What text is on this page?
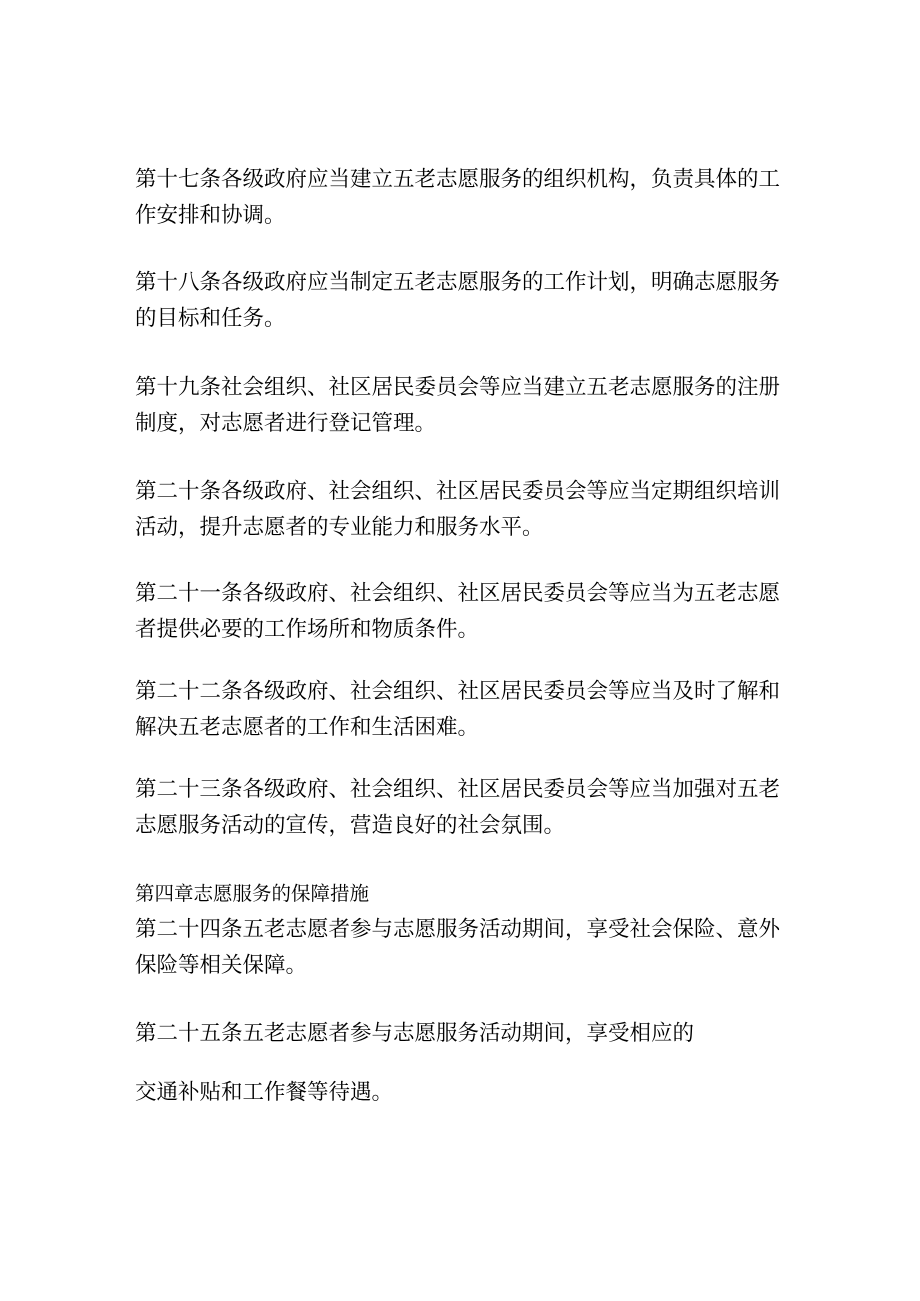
第十七条各级政府应当建立五老志愿服务的组织机构，负责具体的工
作安排和协调。

第十八条各级政府应当制定五老志愿服务的工作计划，明确志愿服务
的目标和任务。

第十九条社会组织、社区居民委员会等应当建立五老志愿服务的注册
制度，对志愿者进行登记管理。

第二十条各级政府、社会组织、社区居民委员会等应当定期组织培训
活动，提升志愿者的专业能力和服务水平。

第二十一条各级政府、社会组织、社区居民委员会等应当为五老志愿
者提供必要的工作场所和物质条件。

第二十二条各级政府、社会组织、社区居民委员会等应当及时了解和
解决五老志愿者的工作和生活困难。

第二十三条各级政府、社会组织、社区居民委员会等应当加强对五老
志愿服务活动的宣传，营造良好的社会氛围。

第四章志愿服务的保障措施
第二十四条五老志愿者参与志愿服务活动期间，享受社会保险、意外
保险等相关保障。

第二十五条五老志愿者参与志愿服务活动期间，享受相应的

交通补贴和工作餐等待遇。
